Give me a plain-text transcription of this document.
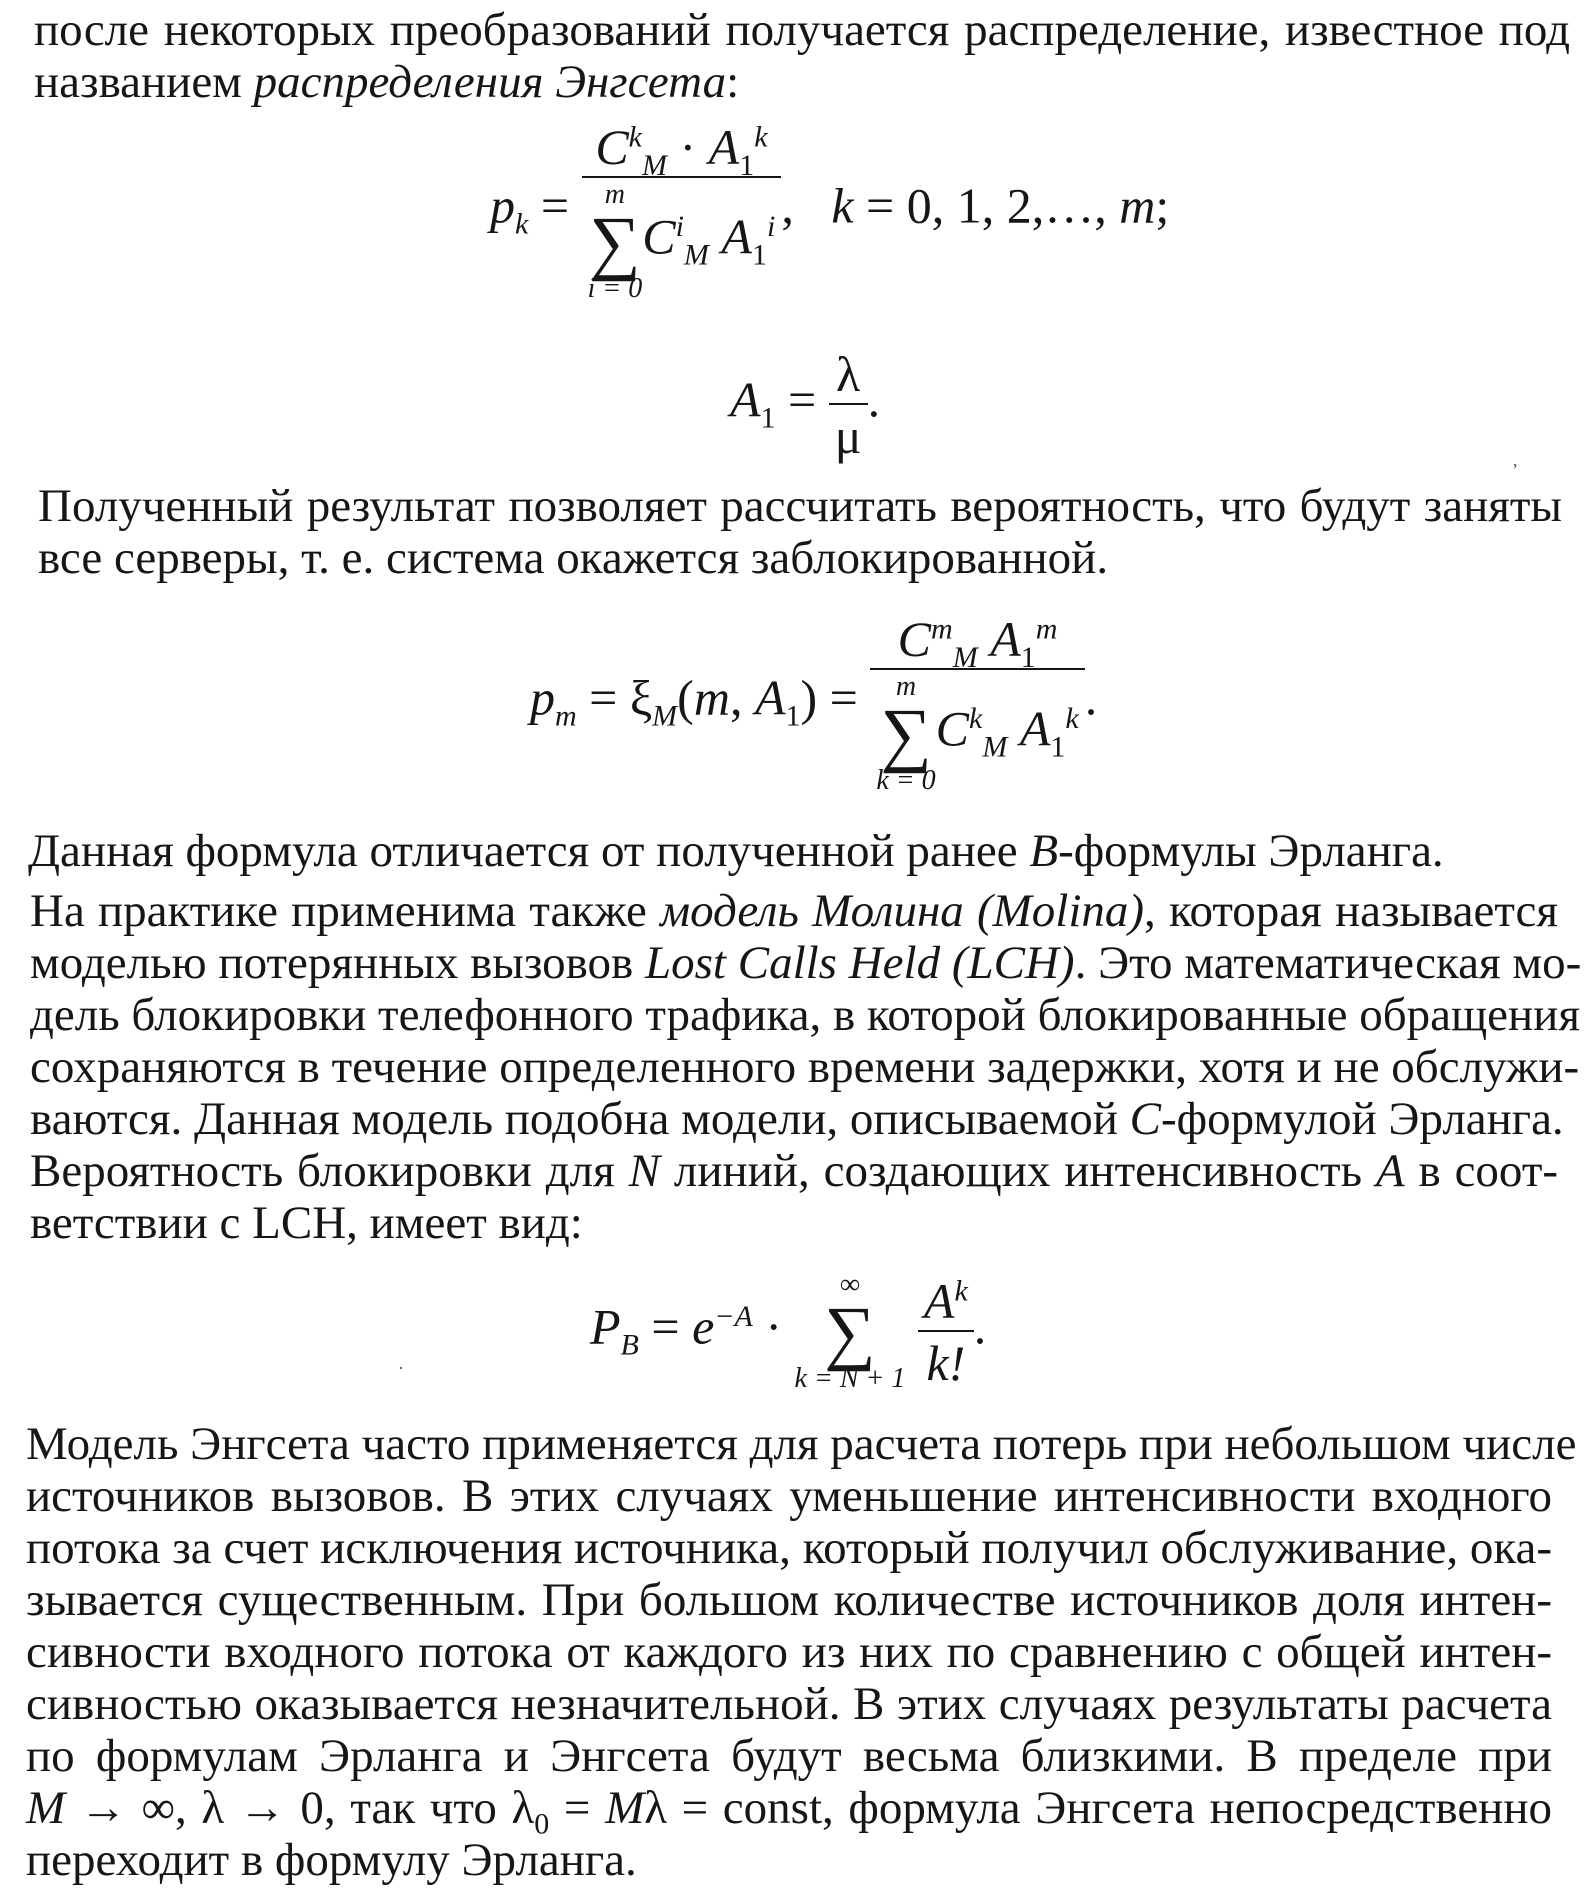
после некоторых преобразований получается распределение, известное под
названием распределения Энгсета:
$p_k = C^k_M \cdot A_1^k$
m
∑
i = 0
$C^i_M$ $A_1^i$ , k = 0, 1, 2,…, m;
$A_1 = \frac{\lambda}{\mu}$ .
Полученный результат позволяет рассчитать вероятность, что будут заняты
все серверы, т. е. система окажется заблокированной.
$p_m = \xi_M(m$, $A_1) = C^m_M$ $A_1^m$
m
∑
k = 0
$C^k_M$ $A_1^k$ .
Данная формула отличается от полученной ранее B-формулы Эрланга.
На практике применима также модель Молина (Molina), которая называется
моделью потерянных вызовов Lost Calls Held (LCH). Это математическая мо-
дель блокировки телефонного трафика, в которой блокированные обращения
сохраняются в течение определенного времени задержки, хотя и не обслужи-
ваются. Данная модель подобна модели, описываемой C-формулой Эрланга.
Вероятность блокировки для N линий, создающих интенсивность A в соот-
ветствии с LCH, имеет вид:
$P_B = e^{-A}$ ·
∞
∑
k = N + 1
$\frac{A^k}{k!}$ .
Модель Энгсета часто применяется для расчета потерь при небольшом числе
источников вызовов. В этих случаях уменьшение интенсивности входного
потока за счет исключения источника, который получил обслуживание, ока-
зывается существенным. При большом количестве источников доля интен-
сивности входного потока от каждого из них по сравнению с общей интен-
сивностью оказывается незначительной. В этих случаях результаты расчета
по формулам Эрланга и Энгсета будут весьма близкими. В пределе при
M → ∞, λ → 0, так что $\lambda_0 = M\lambda$ = const, формула Энгсета непосредственно
переходит в формулу Эрланга.
’
·
